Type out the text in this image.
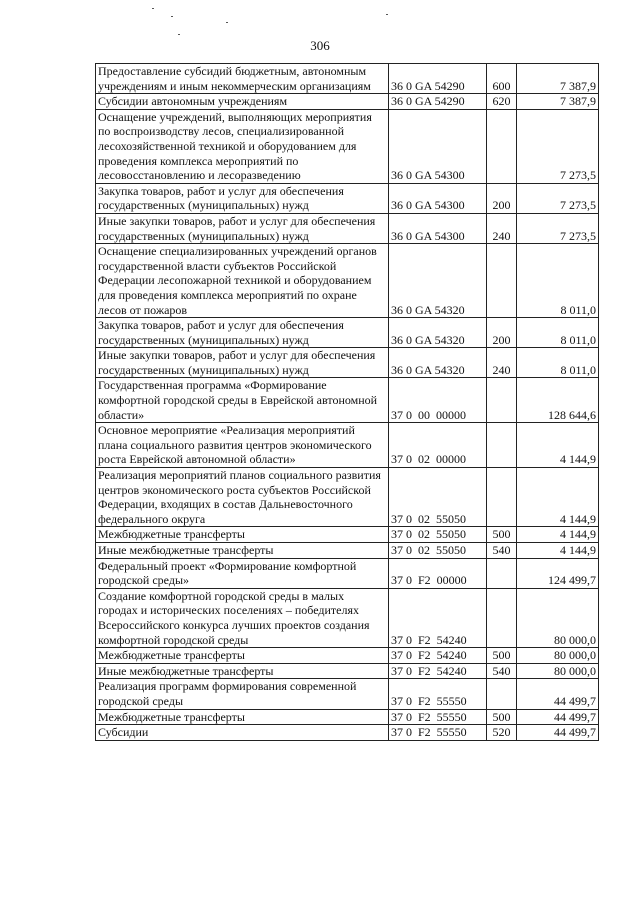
306
Предоставление субсидий бюджетным, автономным учреждениям и иным некоммерческим организациям	36 0 GA 54290	600	7 387,9
Субсидии автономным учреждениям	36 0 GA 54290	620	7 387,9
Оснащение учреждений, выполняющих мероприятия по воспроизводству лесов, специализированной лесохозяйственной техникой и оборудованием для проведения комплекса мероприятий по лесовосстановлению и лесоразведению	36 0 GA 54300		7 273,5
Закупка товаров, работ и услуг для обеспечения государственных (муниципальных) нужд	36 0 GA 54300	200	7 273,5
Иные закупки товаров, работ и услуг для обеспечения государственных (муниципальных) нужд	36 0 GA 54300	240	7 273,5
Оснащение специализированных учреждений органов государственной власти субъектов Российской Федерации лесопожарной техникой и оборудованием для проведения комплекса мероприятий по охране лесов от пожаров	36 0 GA 54320		8 011,0
Закупка товаров, работ и услуг для обеспечения государственных (муниципальных) нужд	36 0 GA 54320	200	8 011,0
Иные закупки товаров, работ и услуг для обеспечения государственных (муниципальных) нужд	36 0 GA 54320	240	8 011,0
Государственная программа «Формирование комфортной городской среды в Еврейской автономной области»	37 0  00  00000		128 644,6
Основное мероприятие «Реализация мероприятий плана социального развития центров экономического роста Еврейской автономной области»	37 0  02  00000		4 144,9
Реализация мероприятий планов социального развития центров экономического роста субъектов Российской Федерации, входящих в состав Дальневосточного федерального округа	37 0  02  55050		4 144,9
Межбюджетные трансферты	37 0  02  55050	500	4 144,9
Иные межбюджетные трансферты	37 0  02  55050	540	4 144,9
Федеральный проект «Формирование комфортной городской среды»	37 0  F2  00000		124 499,7
Создание комфортной городской среды в малых городах и исторических поселениях – победителях Всероссийского конкурса лучших проектов создания комфортной городской среды	37 0  F2  54240		80 000,0
Межбюджетные трансферты	37 0  F2  54240	500	80 000,0
Иные межбюджетные трансферты	37 0  F2  54240	540	80 000,0
Реализация программ формирования современной городской среды	37 0  F2  55550		44 499,7
Межбюджетные трансферты	37 0  F2  55550	500	44 499,7
Субсидии	37 0  F2  55550	520	44 499,7
